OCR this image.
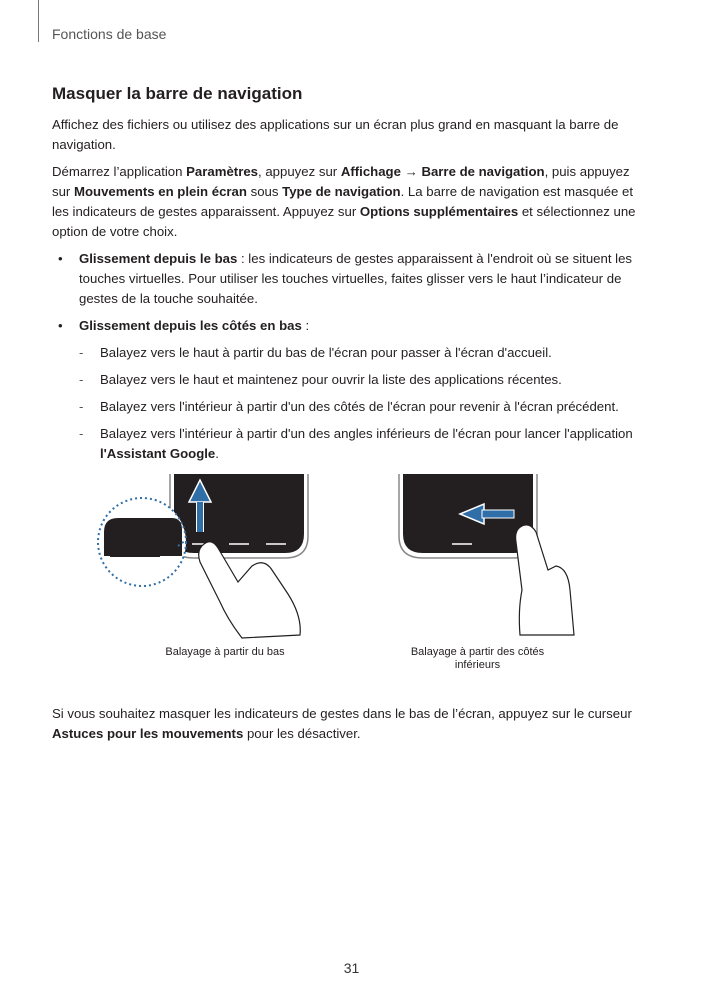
Fonctions de base
Masquer la barre de navigation

Affichez des fichiers ou utilisez des applications sur un écran plus grand en masquant la barre de navigation.

Démarrez l’application Paramètres, appuyez sur Affichage → Barre de navigation, puis appuyez sur Mouvements en plein écran sous Type de navigation. La barre de navigation est masquée et les indicateurs de gestes apparaissent. Appuyez sur Options supplémentaires et sélectionnez une option de votre choix.

• Glissement depuis le bas : les indicateurs de gestes apparaissent à l'endroit où se situent les touches virtuelles. Pour utiliser les touches virtuelles, faites glisser vers le haut l’indicateur de gestes de la touche souhaitée.
• Glissement depuis les côtés en bas :
- Balayez vers le haut à partir du bas de l'écran pour passer à l'écran d'accueil.
- Balayez vers le haut et maintenez pour ouvrir la liste des applications récentes.
- Balayez vers l'intérieur à partir d'un des côtés de l'écran pour revenir à l'écran précédent.
- Balayez vers l'intérieur à partir d'un des angles inférieurs de l'écran pour lancer l'application l'Assistant Google.
Balayage à partir du bas	Balayage à partir des côtés
inférieurs

Si vous souhaitez masquer les indicateurs de gestes dans le bas de l’écran, appuyez sur le curseur Astuces pour les mouvements pour les désactiver.

31
